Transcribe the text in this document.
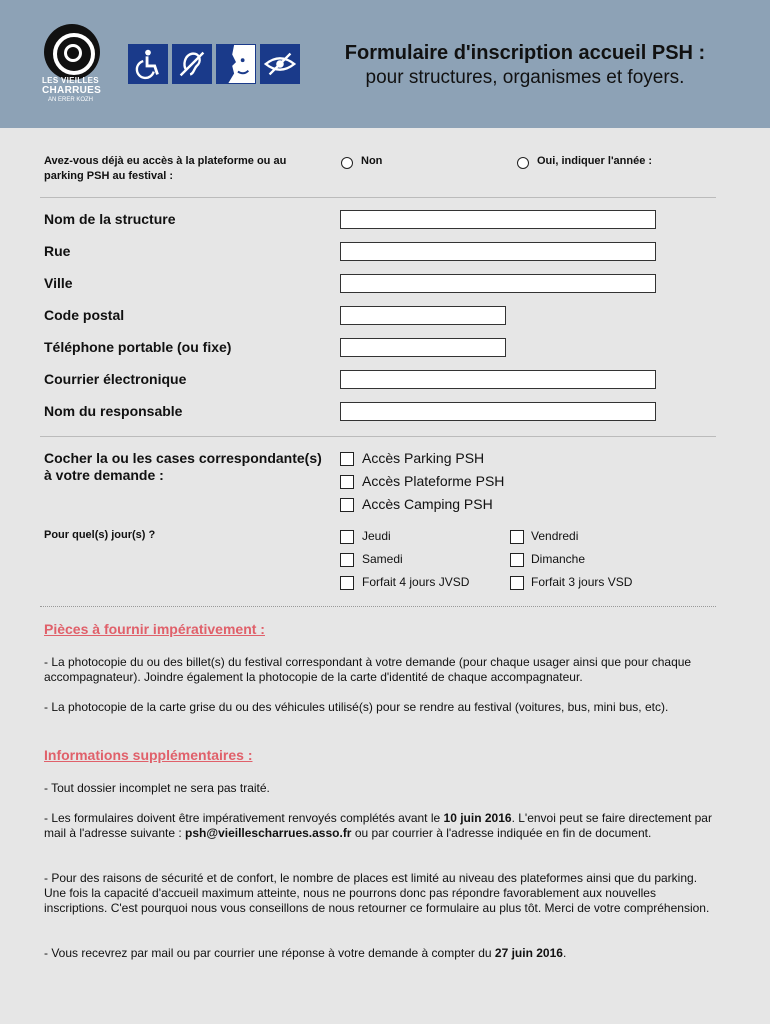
LES VIEILLES
CHARRUES
AN ERER KOZH
Formulaire d'inscription accueil PSH :
pour structures, organismes et foyers.
Avez-vous déjà eu accès à la plateforme ou au parking PSH au festival :
Non	Oui, indiquer l'année :
Nom de la structure
Rue
Ville
Code postal
Téléphone portable (ou fixe)
Courrier électronique
Nom du responsable
Cocher la ou les cases correspondante(s) à votre demande :
Accès Parking PSH
Accès Plateforme PSH
Accès Camping PSH
Pour quel(s) jour(s) ?	Jeudi	Vendredi
Samedi	Dimanche
Forfait 4 jours JVSD	Forfait 3 jours VSD
Pièces à fournir impérativement :
- La photocopie du ou des billet(s) du festival correspondant à votre demande (pour chaque usager ainsi que pour chaque accompagnateur). Joindre également la photocopie de la carte d'identité de chaque accompagnateur.
- La photocopie de la carte grise du ou des véhicules utilisé(s) pour se rendre au festival (voitures, bus, mini bus, etc).
Informations supplémentaires :
- Tout dossier incomplet ne sera pas traité.
- Les formulaires doivent être impérativement renvoyés complétés avant le 10 juin 2016. L'envoi peut se faire directement par mail à l'adresse suivante : psh@vieillescharrues.asso.fr ou par courrier à l'adresse indiquée en fin de document.
- Pour des raisons de sécurité et de confort, le nombre de places est limité au niveau des plateformes ainsi que du parking. Une fois la capacité d'accueil maximum atteinte, nous ne pourrons donc pas répondre favorablement aux nouvelles inscriptions. C'est pourquoi nous vous conseillons de nous retourner ce formulaire au plus tôt. Merci de votre compréhension.
- Vous recevrez par mail ou par courrier une réponse à votre demande à compter du 27 juin 2016.
